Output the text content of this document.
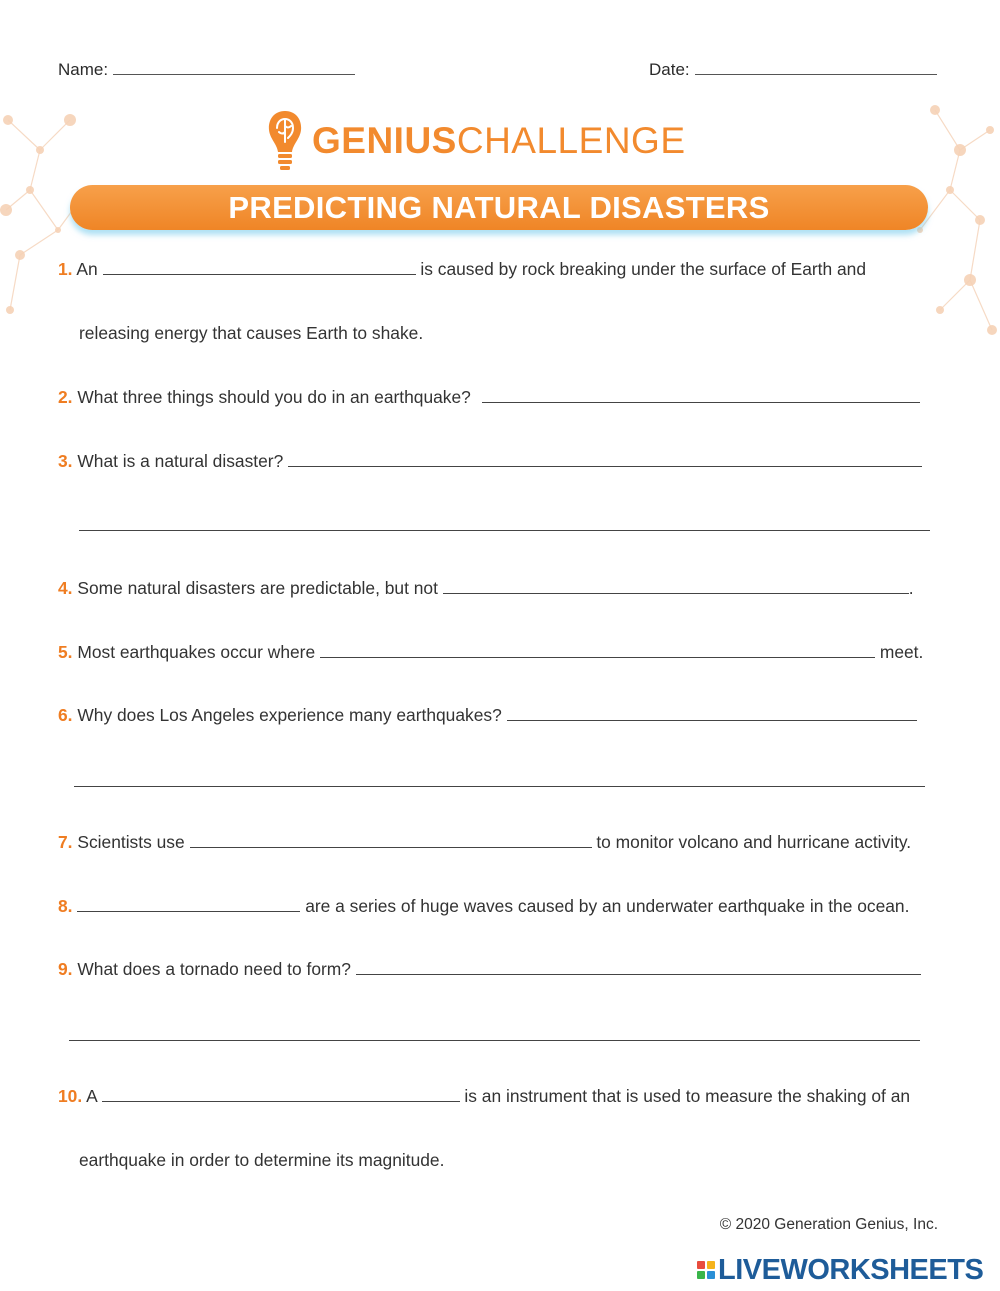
Name:	Date:
GENIUSCHALLENGE
PREDICTING NATURAL DISASTERS
1. An	is caused by rock breaking under the surface of Earth and
releasing energy that causes Earth to shake.
2. What three things should you do in an earthquake?
3. What is a natural disaster?
4. Some natural disasters are predictable, but not	.
5. Most earthquakes occur where	meet.
6. Why does Los Angeles experience many earthquakes?
7. Scientists use	to monitor volcano and hurricane activity.
8.	are a series of huge waves caused by an underwater earthquake in the ocean.
9. What does a tornado need to form?
10. A	is an instrument that is used to measure the shaking of an
earthquake in order to determine its magnitude.
© 2020 Generation Genius, Inc.
LIVEWORKSHEETS
